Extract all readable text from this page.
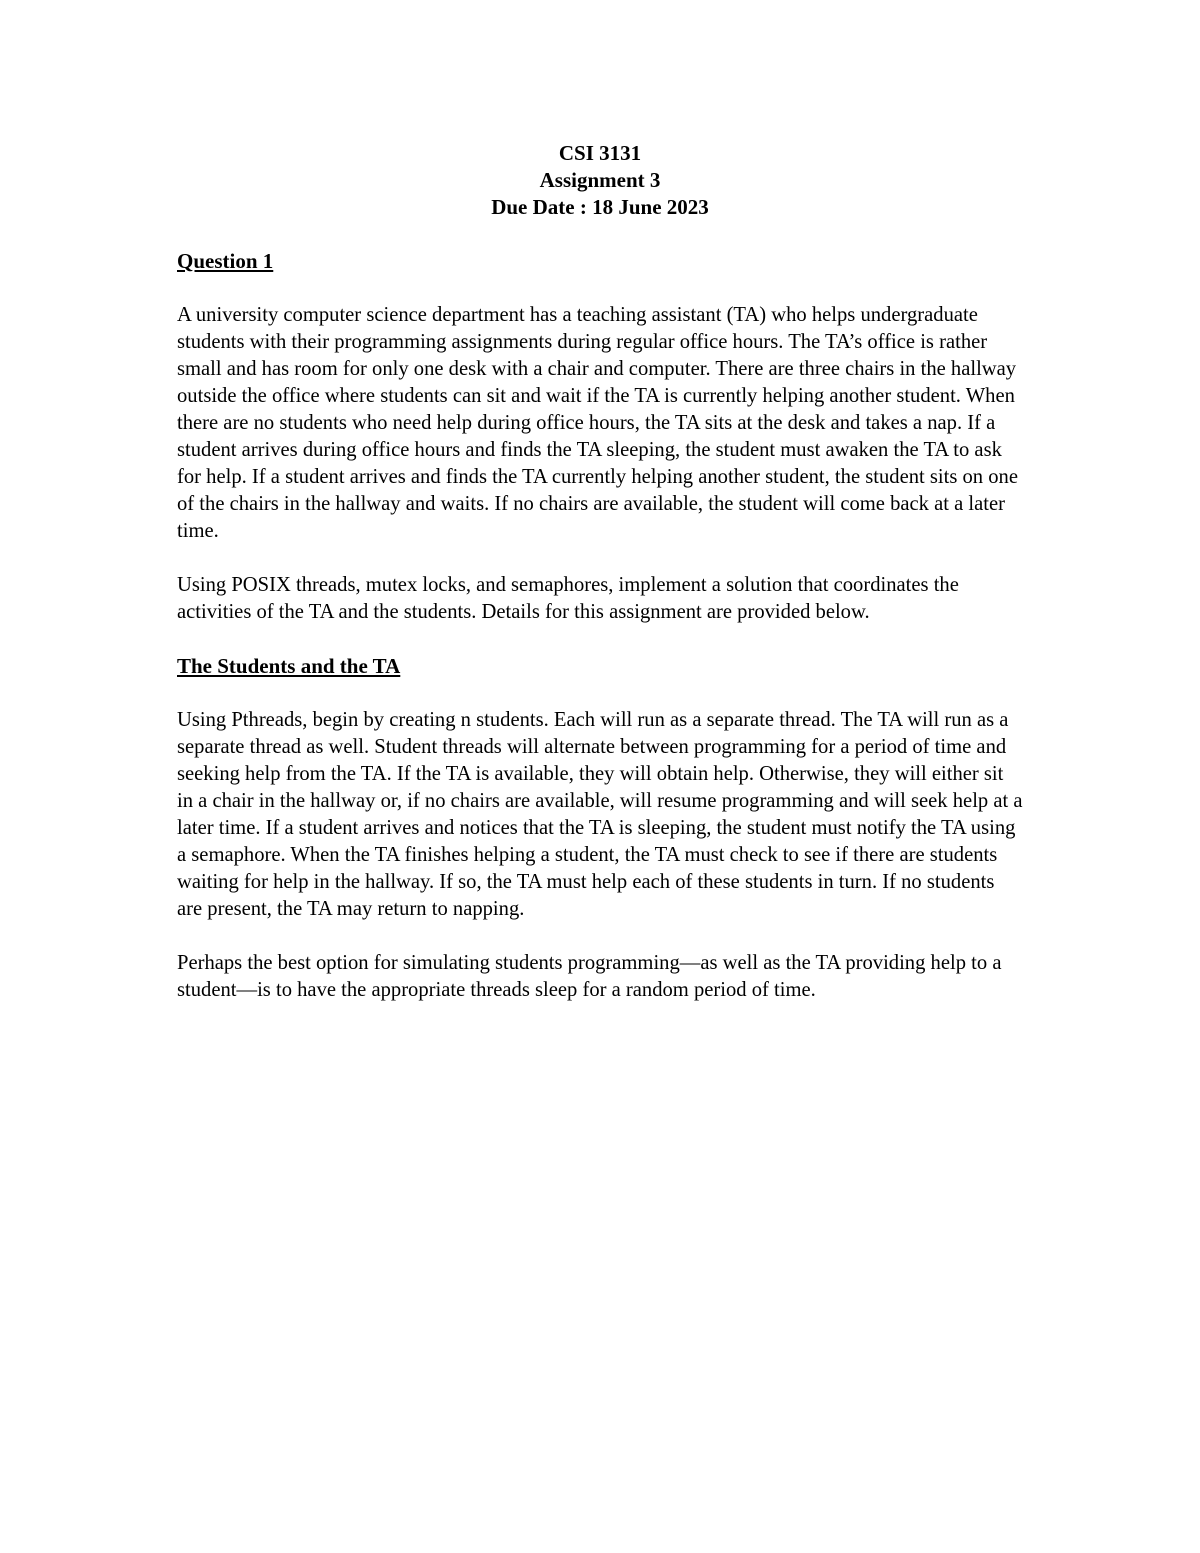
CSI 3131
Assignment 3
Due Date : 18 June 2023
Question 1

A university computer science department has a teaching assistant (TA) who helps undergraduate students with their programming assignments during regular office hours. The TA’s office is rather small and has room for only one desk with a chair and computer. There are three chairs in the hallway outside the office where students can sit and wait if the TA is currently helping another student. When there are no students who need help during office hours, the TA sits at the desk and takes a nap. If a student arrives during office hours and finds the TA sleeping, the student must awaken the TA to ask for help. If a student arrives and finds the TA currently helping another student, the student sits on one of the chairs in the hallway and waits. If no chairs are available, the student will come back at a later time.

Using POSIX threads, mutex locks, and semaphores, implement a solution that coordinates the activities of the TA and the students. Details for this assignment are provided below.

The Students and the TA

Using Pthreads, begin by creating n students. Each will run as a separate thread. The TA will run as a separate thread as well. Student threads will alternate between programming for a period of time and seeking help from the TA. If the TA is available, they will obtain help. Otherwise, they will either sit in a chair in the hallway or, if no chairs are available, will resume programming and will seek help at a later time. If a student arrives and notices that the TA is sleeping, the student must notify the TA using a semaphore. When the TA finishes helping a student, the TA must check to see if there are students waiting for help in the hallway. If so, the TA must help each of these students in turn. If no students are present, the TA may return to napping.

Perhaps the best option for simulating students programming—as well as the TA providing help to a student—is to have the appropriate threads sleep for a random period of time.
